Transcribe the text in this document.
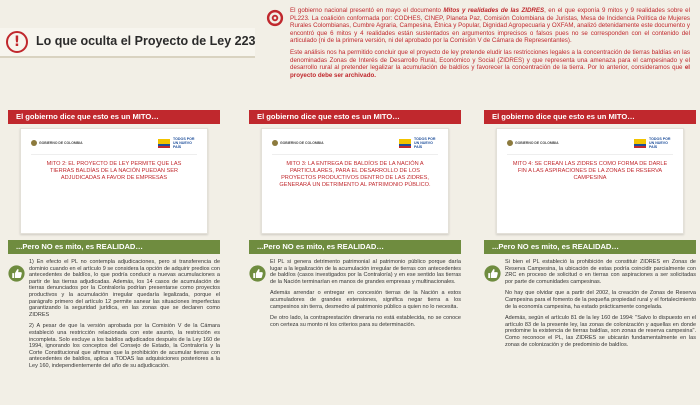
!	Lo que oculta el Proyecto de Ley 223

El gobierno nacional presentó en mayo el documento Mitos y realidades de las ZIDRES, en el que exponía 9 mitos y 9 realidades sobre el PL223. La coalición conformada por: CODHES, CINEP, Planeta Paz, Comisión Colombiana de Juristas, Mesa de Incidencia Política de Mujeres Rurales Colombianas, Cumbre Agraria, Campesina, Étnica y Popular, Dignidad Agropecuaria y OXFAM, analizó detenidamente este documento y encontró que 6 mitos y 4 realidades están sustentados en argumentos imprecisos o falsos pues no se corresponden con el contenido del articulado (ni de la primera versión, ni del aprobado por la Comisión V de Cámara de Representantes).

Este análisis nos ha permitido concluir que el proyecto de ley pretende eludir las restricciones legales a la concentración de tierras baldías en las denominadas Zonas de Interés de Desarrollo Rural, Económico y Social (ZIDRES) y que representa una amenaza para el campesinado y el desarrollo rural al pretender legalizar la acumulación de baldíos y favorecer la concentración de la tierra. Por lo anterior, consideramos que el proyecto debe ser archivado.

El gobierno dice que esto es un MITO…
GOBIERNO DE COLOMBIA
TODOS POR UN NUEVO PAÍS
MITO 2: EL PROYECTO DE LEY PERMITE QUE LAS TIERRAS BALDÍAS DE LA NACIÓN PUEDAN SER ADJUDICADAS A FAVOR DE EMPRESAS
...Pero NO es mito, es REALIDAD…

1) En efecto el PL no contempla adjudicaciones, pero si transferencia de dominio cuando en el artículo 9 se considera la opción de adquirir predios con antecedentes de baldíos, lo que podría conducir a nuevas acumulaciones a partir de las tierras adjudicadas. Además, los 14 casos de acumulación de tierras denunciados por la Contraloría podrían presentarse como proyectos productivos y la acumulación irregular quedaría legalizada, porque el parágrafo primero del artículo 12 permite sanear las situaciones imperfectas garantizando la seguridad jurídica, en las zonas que se declaren como ZIDRES

2) A pesar de que la versión aprobada por la Comisión V de la Cámara estableció una restricción relacionada con este asunto, la restricción es incompleta. Solo excluye a los baldíos adjudicados después de la Ley 160 de 1994, ignorando los conceptos del Consejo de Estado, la Contraloría y la Corte Constitucional que afirman que la prohibición de acumular tierras con antecedentes de baldíos, aplica a TODAS las adquisiciones posteriores a la Ley 160, independientemente del año de su adjudicación.

El gobierno dice que esto es un MITO…
GOBIERNO DE COLOMBIA
TODOS POR UN NUEVO PAÍS
MITO 3: LA ENTREGA DE BALDÍOS DE LA NACIÓN A PARTICULARES, PARA EL DESARROLLO DE LOS PROYECTOS PRODUCTIVOS DENTRO DE LAS ZIDRES, GENERARÁ UN DETRIMENTO AL PATRIMONIO PÚBLICO.
...Pero NO es mito, es REALIDAD…

El PL si genera detrimento patrimonial al patrimonio público porque daría lugar a la legalización de la acumulación irregular de tierras con antecedentes de baldíos (casos investigados por la Contraloría) y en ese sentido las tierras de la Nación terminarían en manos de grandes empresas y multinacionales.

Además arrendar o entregar en concesión tierras de la Nación a estos acumuladores de grandes extensiones, significa negar tierra a los campesinos sin tierra, desmedro al patrimonio público a quien no lo necesita.

De otro lado, la contraprestación dineraria no está establecida, no se conoce con certeza su monto ni los criterios para su determinación.

El gobierno dice que esto es un MITO…
GOBIERNO DE COLOMBIA
TODOS POR UN NUEVO PAÍS
MITO 4: SE CREAN LAS ZIDRES COMO FORMA DE DARLE FIN A LAS ASPIRACIONES DE LA ZONAS DE RESERVA CAMPESINA
...Pero NO es mito, es REALIDAD…

Si bien el PL estableció la prohibición de constituir ZIDRES en Zonas de Reserva Campesina, la ubicación de estas podría coincidir parcialmente con ZRC en proceso de solicitud o en tierras con aspiraciones a ser solicitadas por parte de comunidades campesinas.

No hay que olvidar que a partir del 2002, la creación de Zonas de Reserva Campesina para el fomento de la pequeña propiedad rural y el fortalecimiento de la economía campesina, ha estado prácticamente congelada.

Además, según el artículo 81 de la ley 160 de 1994: "Salvo lo dispuesto en el artículo 83 de la presente ley, las zonas de colonización y aquellas en donde predomine la existencia de tierras baldías, son zonas de reserva campesina". Como reconoce el PL, las ZIDRES se ubicarán fundamentalmente en las zonas de colonización y de predominio de baldíos.
